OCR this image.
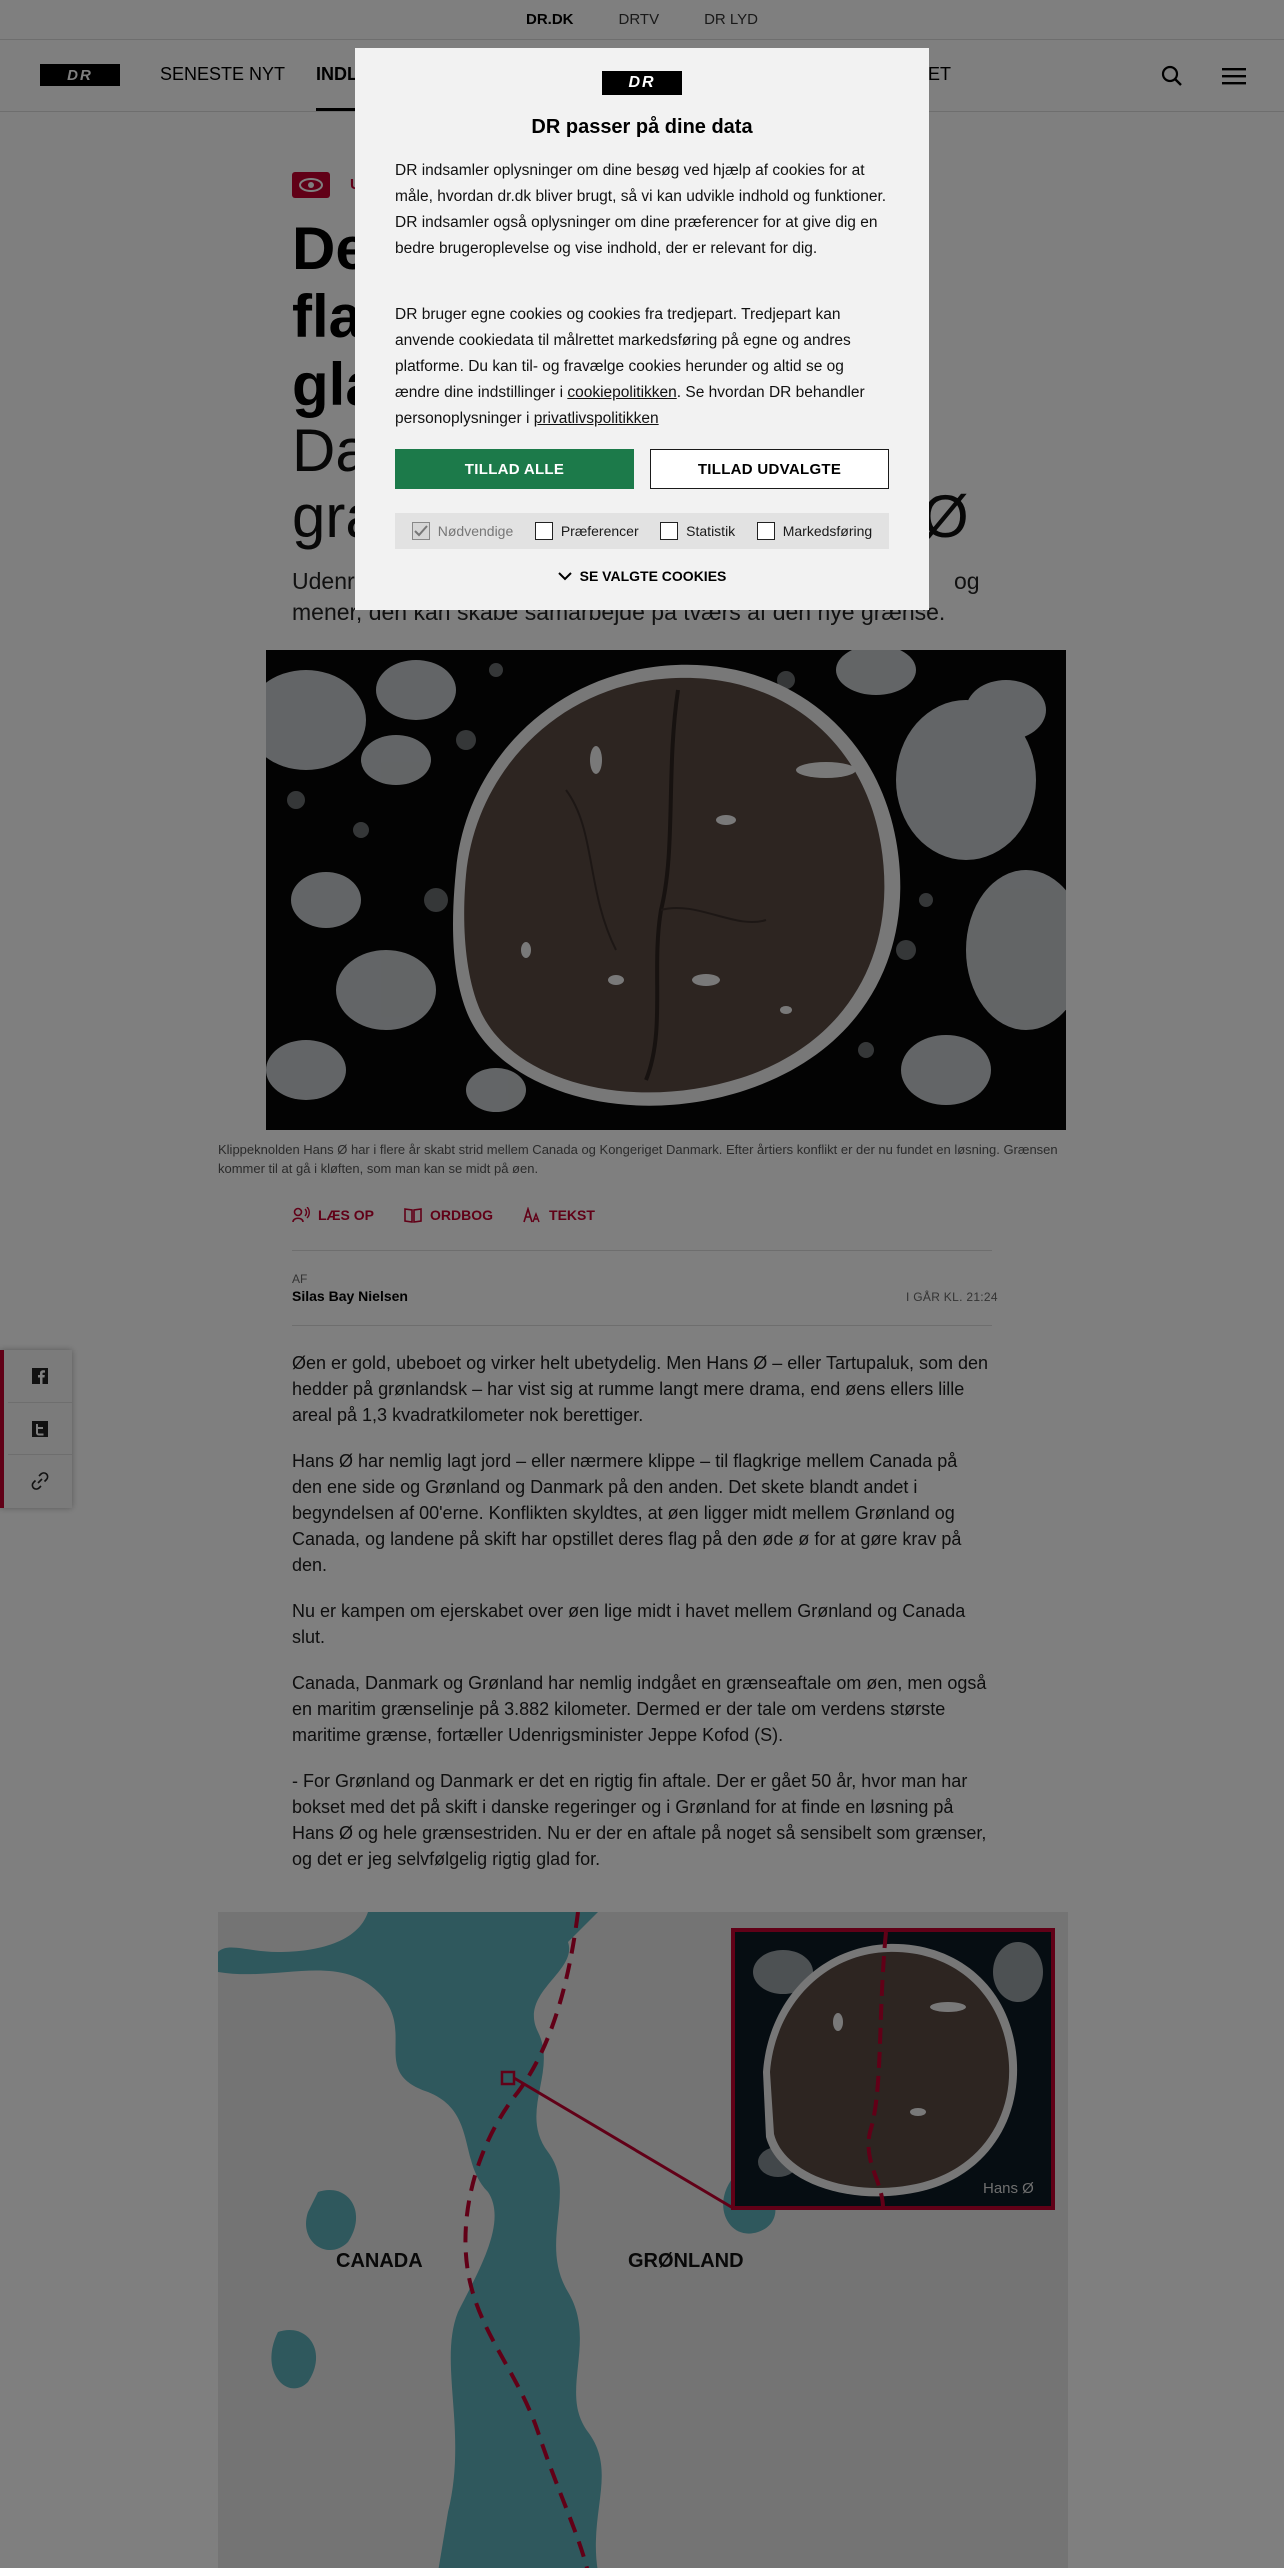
DR
DR passer på dine data
DR indsamler oplysninger om dine besøg ved hjælp af cookies for at måle, hvordan dr.dk bliver brugt, så vi kan udvikle indhold og funktioner. DR indsamler også oplysninger om dine præferencer for at give dig en bedre brugeroplevelse og vise indhold, der er relevant for dig.
DR bruger egne cookies og cookies fra tredjepart. Tredjepart kan anvende cookiedata til målrettet markedsføring på egne og andres platforme. Du kan til- og fravælge cookies herunder og altid se og ændre dine indstillinger i cookiepolitikken. Se hvordan DR behandler personoplysninger i privatlivspolitikken
TILLAD ALLE	TILLAD UDVALGTE
Nødvendige	Præferencer	Statistik	Markedsføring
SE VALGTE COOKIES
